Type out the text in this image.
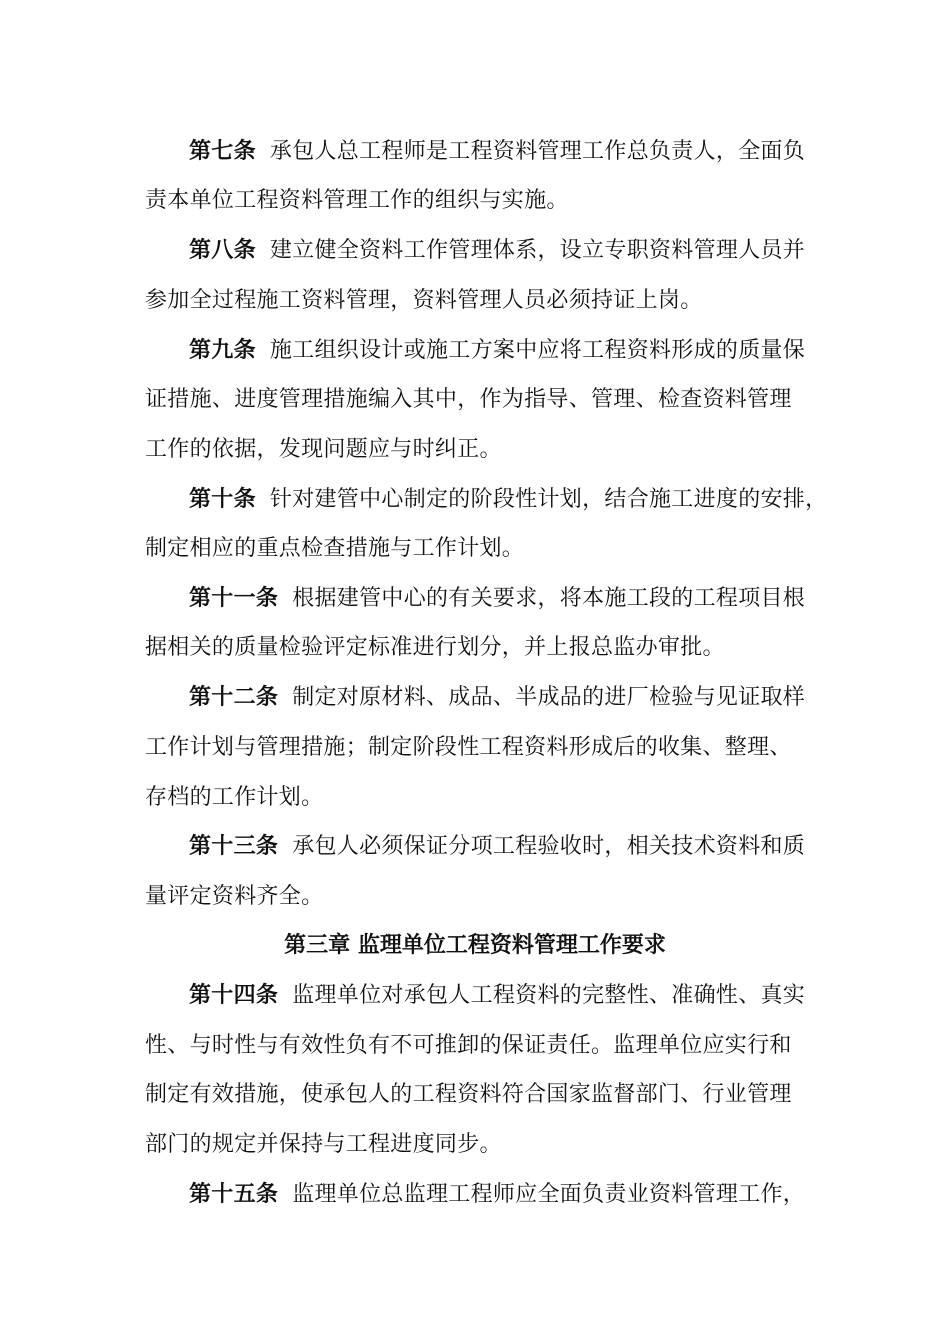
第七条 承包人总工程师是工程资料管理工作总负责人，全面负
责本单位工程资料管理工作的组织与实施。
第八条 建立健全资料工作管理体系，设立专职资料管理人员并
参加全过程施工资料管理，资料管理人员必须持证上岗。
第九条 施工组织设计或施工方案中应将工程资料形成的质量保
证措施、进度管理措施编入其中，作为指导、管理、检查资料管理
工作的依据，发现问题应与时纠正。
第十条 针对建管中心制定的阶段性计划，结合施工进度的安排，
制定相应的重点检查措施与工作计划。
第十一条 根据建管中心的有关要求，将本施工段的工程项目根
据相关的质量检验评定标准进行划分，并上报总监办审批。
第十二条 制定对原材料、成品、半成品的进厂检验与见证取样
工作计划与管理措施；制定阶段性工程资料形成后的收集、整理、
存档的工作计划。
第十三条 承包人必须保证分项工程验收时，相关技术资料和质
量评定资料齐全。
第三章 监理单位工程资料管理工作要求
第十四条 监理单位对承包人工程资料的完整性、准确性、真实
性、与时性与有效性负有不可推卸的保证责任。监理单位应实行和
制定有效措施，使承包人的工程资料符合国家监督部门、行业管理
部门的规定并保持与工程进度同步。
第十五条 监理单位总监理工程师应全面负责业资料管理工作，
